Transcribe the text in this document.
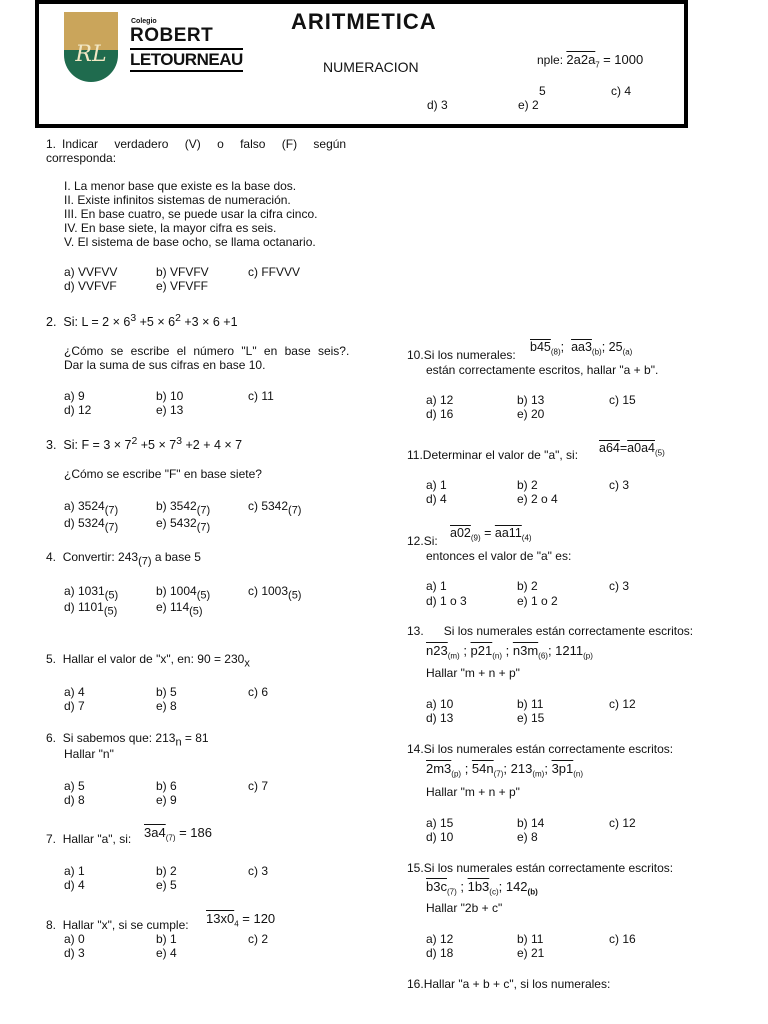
RL
Colegio
ROBERT
LETOURNEAU
ARITMETICA
NUMERACION	nple: $2a2a_7 = 1000$
5	c) 4
d) 3	e) 2
1. Indicar verdadero (V) o falso (F) según
corresponda:
I. La menor base que existe es la base dos.
II. Existe infinitos sistemas de numeración.
III. En base cuatro, se puede usar la cifra cinco.
IV. En base siete, la mayor cifra es seis.
V. El sistema de base ocho, se llama octanario.
a) VVFVV	b) VFVFV	c) FFVVV
d) VVFVF	e) VFVFF
2. Si: $L = 2 \times 6^3 +5 \times 6^2 +3 \times 6 +1$
¿Cómo se escribe el número "L" en base seis?.
Dar la suma de sus cifras en base 10.
a) 9	b) 10	c) 11
d) 12	e) 13
3. Si: $F = 3 \times 7^2 +5 \times 7^3 +2 + 4 \times 7$
¿Cómo se escribe "F" en base siete?
a) $3524_{(7)}$	b) $3542_{(7)}$	c) $5342_{(7)}$
d) $5324_{(7)}$	e) $5432_{(7)}$
4. Convertir: $243_{(7)}$ a base 5
a) $1031_{(5)}$	b) $1004_{(5)}$	c) $1003_{(5)}$
d) $1101_{(5)}$	e) $114_{(5)}$
5. Hallar el valor de "x", en: $90 = 230_x$
a) 4	b) 5	c) 6
d) 7	e) 8
6. Si sabemos que: $213_n = 81$
Hallar "n"
a) 5	b) 6	c) 7
d) 8	e) 9
7. Hallar "a", si: $3a4_{(7)} = 186$
a) 1	b) 2	c) 3
d) 4	e) 5
8. Hallar "x", si se cumple: $13x0_4 = 120$
a) 0	b) 1	c) 2
d) 3	e) 4
$b45_{(8)}$;  $aa3_{(b)}$; $25_{(a)}$
10.Si los numerales:
están correctamente escritos, hallar "a + b".
a) 12	b) 13	c) 15
d) 16	e) 20
11.Determinar el valor de "a", si: $a64=a0a4_{(5)}$
a) 1	b) 2	c) 3
d) 4	e) 2 o 4
$a02_{(9)} = aa11_{(4)}$
12.Si:
entonces el valor de "a" es:
a) 1	b) 2	c) 3
d) 1 o 3	e) 1 o 2
13. Si los numerales están correctamente escritos:
$n23_{(m)}$ ; $p21_{(n)}$ ; $n3m_{(6)}$; $1211_{(p)}$
Hallar "m + n + p"
a) 10	b) 11	c) 12
d) 13	e) 15
14.Si los numerales están correctamente escritos:
$2m3_{(p)}$ ; $54n_{(7)}$; $213_{(m)}$; $3p1_{(n)}$
Hallar "m + n + p"
a) 15	b) 14	c) 12
d) 10	e) 8
15.Si los numerales están correctamente escritos:
$b3c_{(7)}$ ; $1b3_{(c)}$; $142_{(b)}$
Hallar "2b + c"
a) 12	b) 11	c) 16
d) 18	e) 21
16.Hallar "a + b + c", si los numerales:
